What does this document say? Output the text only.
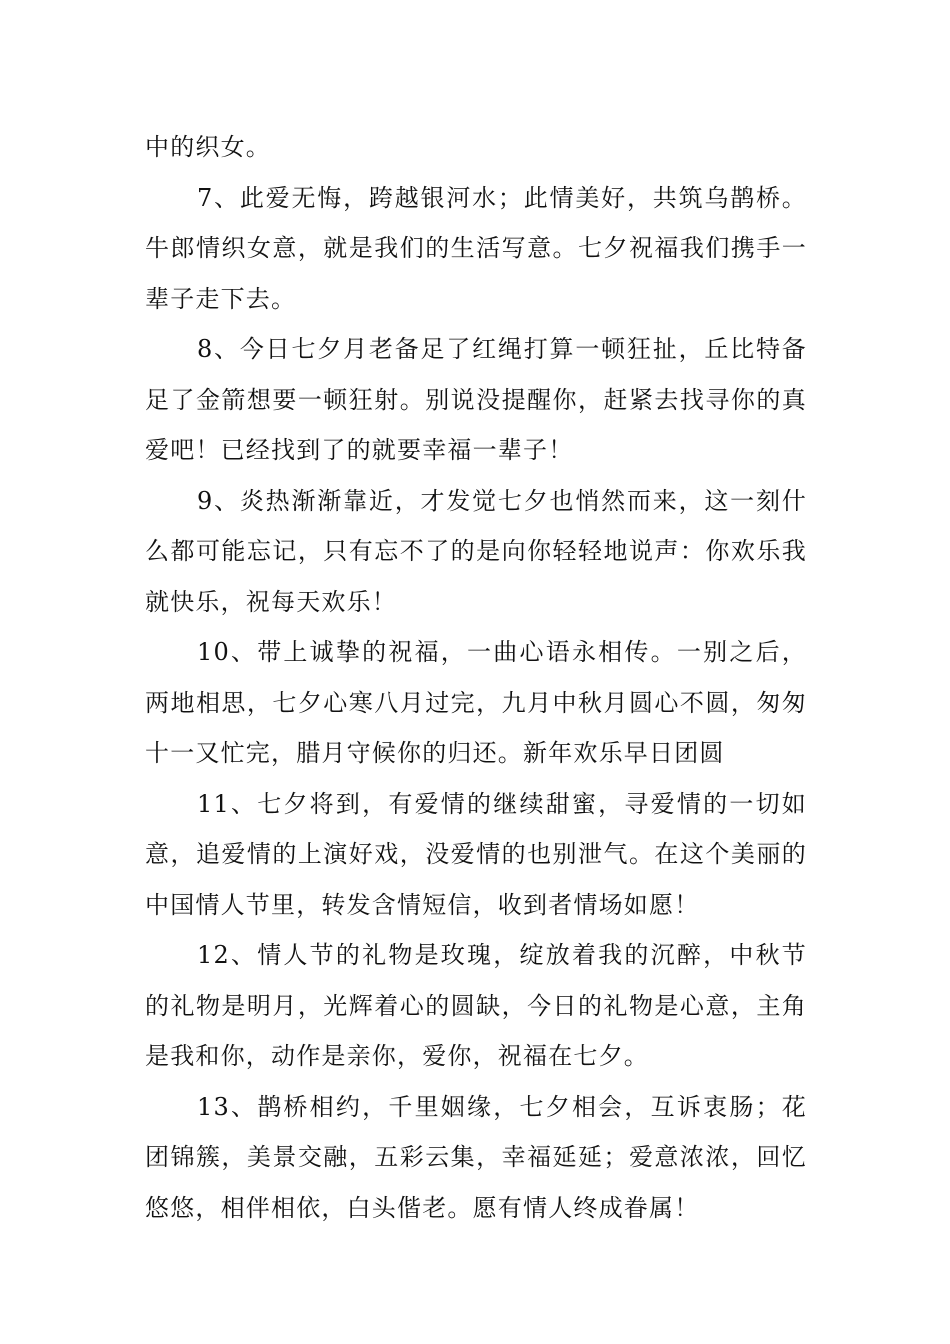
中的织女。

7、此爱无悔，跨越银河水；此情美好，共筑乌鹊桥。牛郎情织女意，就是我们的生活写意。七夕祝福我们携手一辈子走下去。

8、今日七夕月老备足了红绳打算一顿狂扯，丘比特备足了金箭想要一顿狂射。别说没提醒你，赶紧去找寻你的真爱吧！已经找到了的就要幸福一辈子！

9、炎热渐渐靠近，才发觉七夕也悄然而来，这一刻什么都可能忘记，只有忘不了的是向你轻轻地说声：你欢乐我就快乐，祝每天欢乐！

10、带上诚挚的祝福，一曲心语永相传。一别之后，两地相思，七夕心寒八月过完，九月中秋月圆心不圆，匆匆十一又忙完，腊月守候你的归还。新年欢乐早日团圆

11、七夕将到，有爱情的继续甜蜜，寻爱情的一切如意，追爱情的上演好戏，没爱情的也别泄气。在这个美丽的中国情人节里，转发含情短信，收到者情场如愿！

12、情人节的礼物是玫瑰，绽放着我的沉醉，中秋节的礼物是明月，光辉着心的圆缺，今日的礼物是心意，主角是我和你，动作是亲你，爱你，祝福在七夕。

13、鹊桥相约，千里姻缘，七夕相会，互诉衷肠；花团锦簇，美景交融，五彩云集，幸福延延；爱意浓浓，回忆悠悠，相伴相依，白头偕老。愿有情人终成眷属！
